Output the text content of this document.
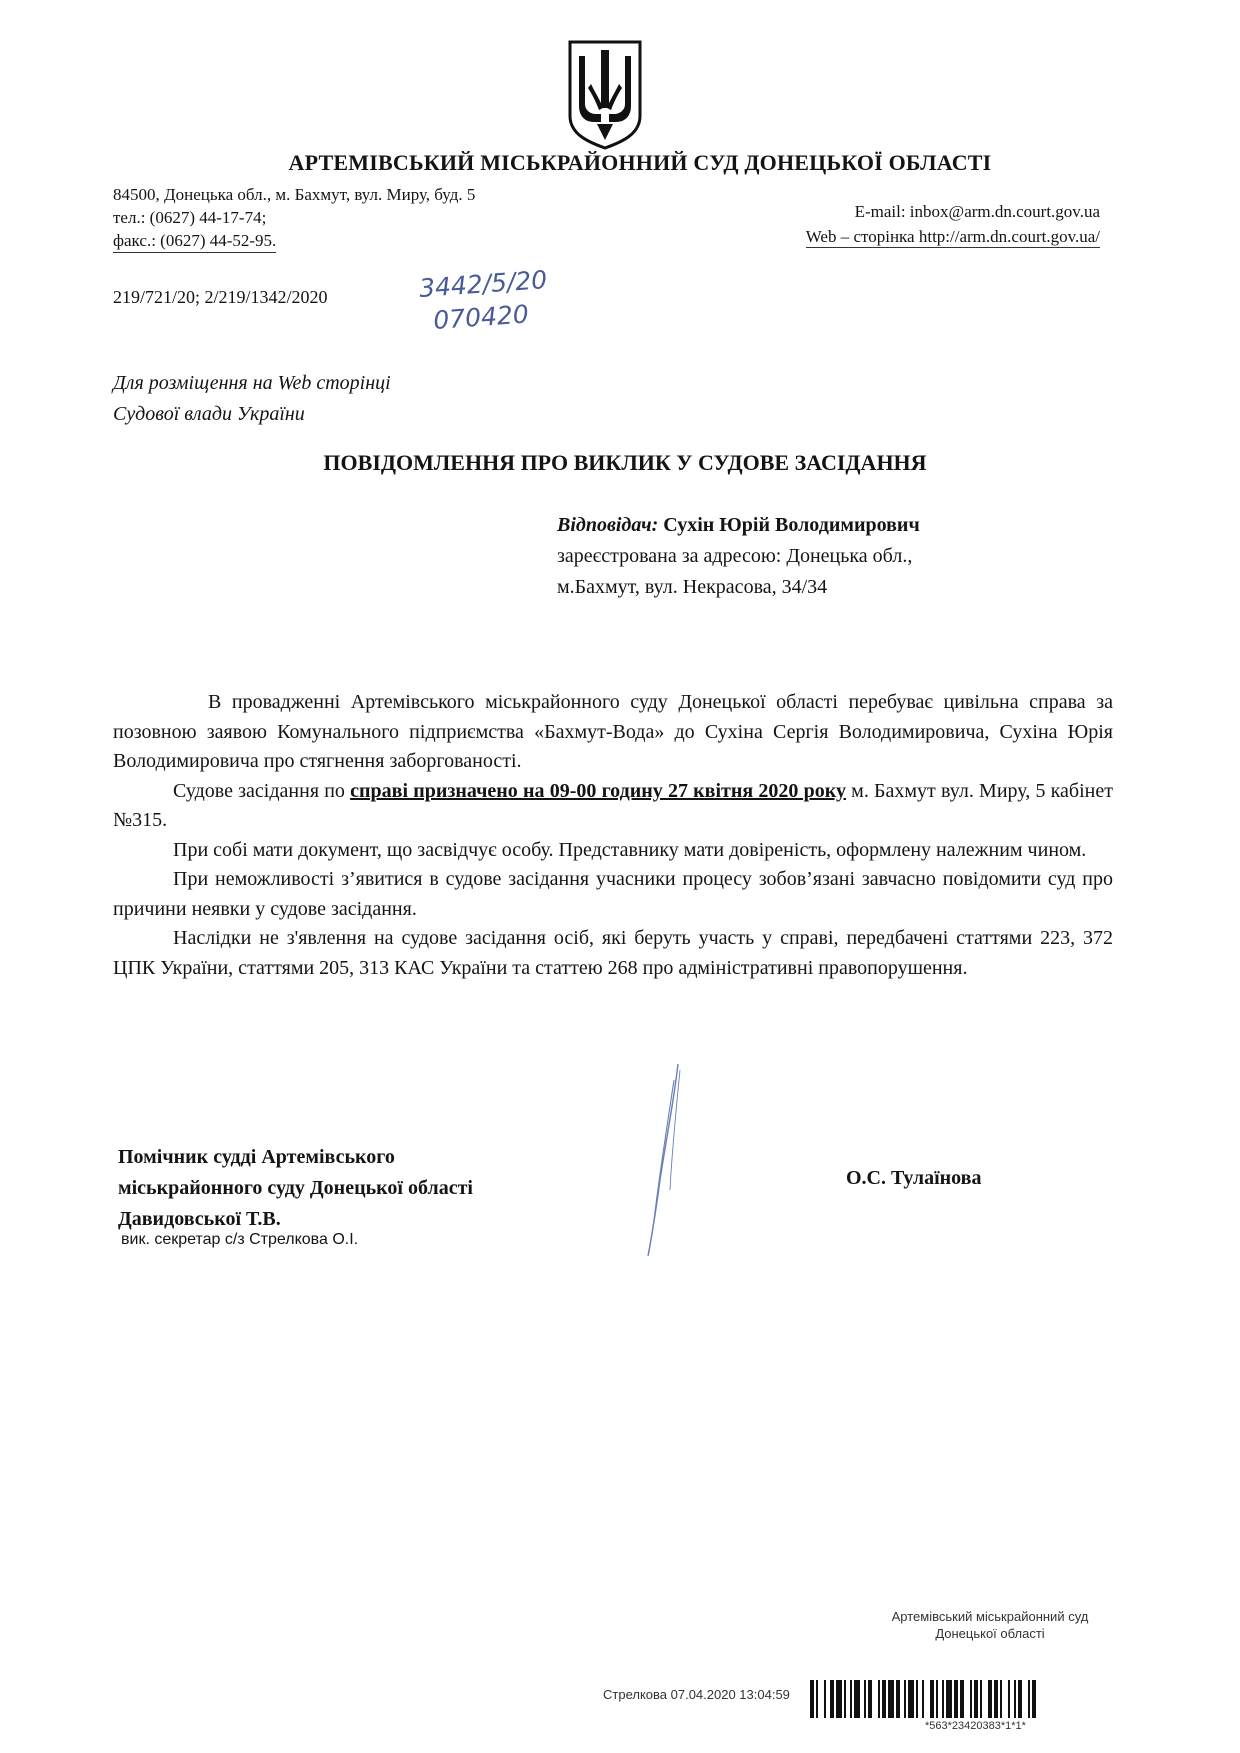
АРТЕМІВСЬКИЙ МІСЬКРАЙОННИЙ СУД ДОНЕЦЬКОЇ ОБЛАСТІ
84500, Донецька обл., м. Бахмут, вул. Миру, буд. 5
тел.: (0627) 44-17-74;
факс.: (0627) 44-52-95.
E-mail: inbox@arm.dn.court.gov.ua
Web – сторінка http://arm.dn.court.gov.ua/
219/721/20; 2/219/1342/2020	3442/5/20
070420
Для розміщення на Web сторінці
Судової влади України
ПОВІДОМЛЕННЯ ПРО ВИКЛИК У СУДОВЕ ЗАСІДАННЯ
Відповідач: Сухін Юрій Володимирович
зареєстрована за адресою: Донецька обл.,
м.Бахмут, вул. Некрасова, 34/34

В провадженні Артемівського міськрайонного суду Донецької області перебуває цивільна справа за позовною заявою Комунального підприємства «Бахмут-Вода» до Сухіна Сергія Володимировича, Сухіна Юрія Володимировича про стягнення заборгованості.

Судове засідання по справі призначено на 09-00 годину 27 квітня 2020 року м. Бахмут вул. Миру, 5 кабінет №315.

При собі мати документ, що засвідчує особу. Представнику мати довіреність, оформлену належним чином.

При неможливості з’явитися в судове засідання учасники процесу зобов’язані завчасно повідомити суд про причини неявки у судове засідання.

Наслідки не з'явлення на судове засідання осіб, які беруть участь у справі, передбачені статтями 223, 372 ЦПК України, статтями 205, 313 КАС України та статтею 268 про адміністративні правопорушення.

Помічник судді Артемівського
міськрайонного суду Донецької області
Давидовської Т.В.
вик. секретар с/з Стрелкова О.І.
О.С. Тулаїнова
Артемівський міськрайонний суд
Донецької області
Стрелкова 07.04.2020 13:04:59
*563*23420383*1*1*
